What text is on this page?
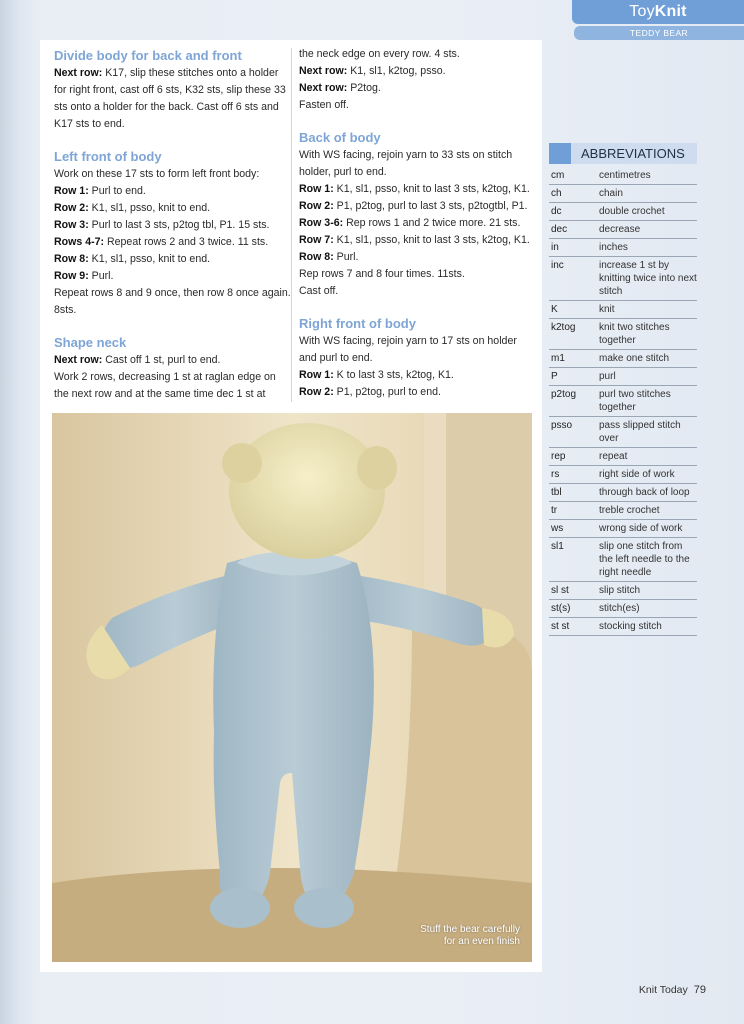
Toy Knit
TEDDY BEAR
Divide body for back and front

Next row: K17, slip these stitches onto a holder for right front, cast off 6 sts, K32 sts, slip these 33 sts onto a holder for the back. Cast off 6 sts and K17 sts to end.

Left front of body

Work on these 17 sts to form left front body:

Row 1: Purl to end.

Row 2: K1, sl1, psso, knit to end.

Row 3: Purl to last 3 sts, p2tog tbl, P1. 15 sts.

Rows 4-7: Repeat rows 2 and 3 twice. 11 sts.

Row 8: K1, sl1, psso, knit to end.

Row 9: Purl.

Repeat rows 8 and 9 once, then row 8 once again. 8sts.

Shape neck

Next row: Cast off 1 st, purl to end.

Work 2 rows, decreasing 1 st at raglan edge on the next row and at the same time dec 1 st at

the neck edge on every row. 4 sts.

Next row: K1, sl1, k2tog, psso.

Next row: P2tog.

Fasten off.

Back of body

With WS facing, rejoin yarn to 33 sts on stitch holder, purl to end.

Row 1: K1, sl1, psso, knit to last 3 sts, k2tog, K1.

Row 2: P1, p2tog, purl to last 3 sts, p2togtbl, P1.

Row 3-6: Rep rows 1 and 2 twice more. 21 sts.

Row 7: K1, sl1, psso, knit to last 3 sts, k2tog, K1.

Row 8: Purl.

Rep rows 7 and 8 four times. 11sts.

Cast off.

Right front of body

With WS facing, rejoin yarn to 17 sts on holder and purl to end.

Row 1: K to last 3 sts, k2tog, K1.

Row 2: P1, p2tog, purl to end.

Stuff the bear carefully
for an even finish
ABBREVIATIONS
cm	centimetres
ch	chain
dc	double crochet
dec	decrease
in	inches
inc	increase 1 st by knitting twice into next stitch
K	knit
k2tog	knit two stitches together
m1	make one stitch
P	purl
p2tog	purl two stitches together
psso	pass slipped stitch over
rep	repeat
rs	right side of work
tbl	through back of loop
tr	treble crochet
ws	wrong side of work
sl1	slip one stitch from the left needle to the right needle
sl st	slip stitch
st(s)	stitch(es)
st st	stocking stitch
Knit Today 79
